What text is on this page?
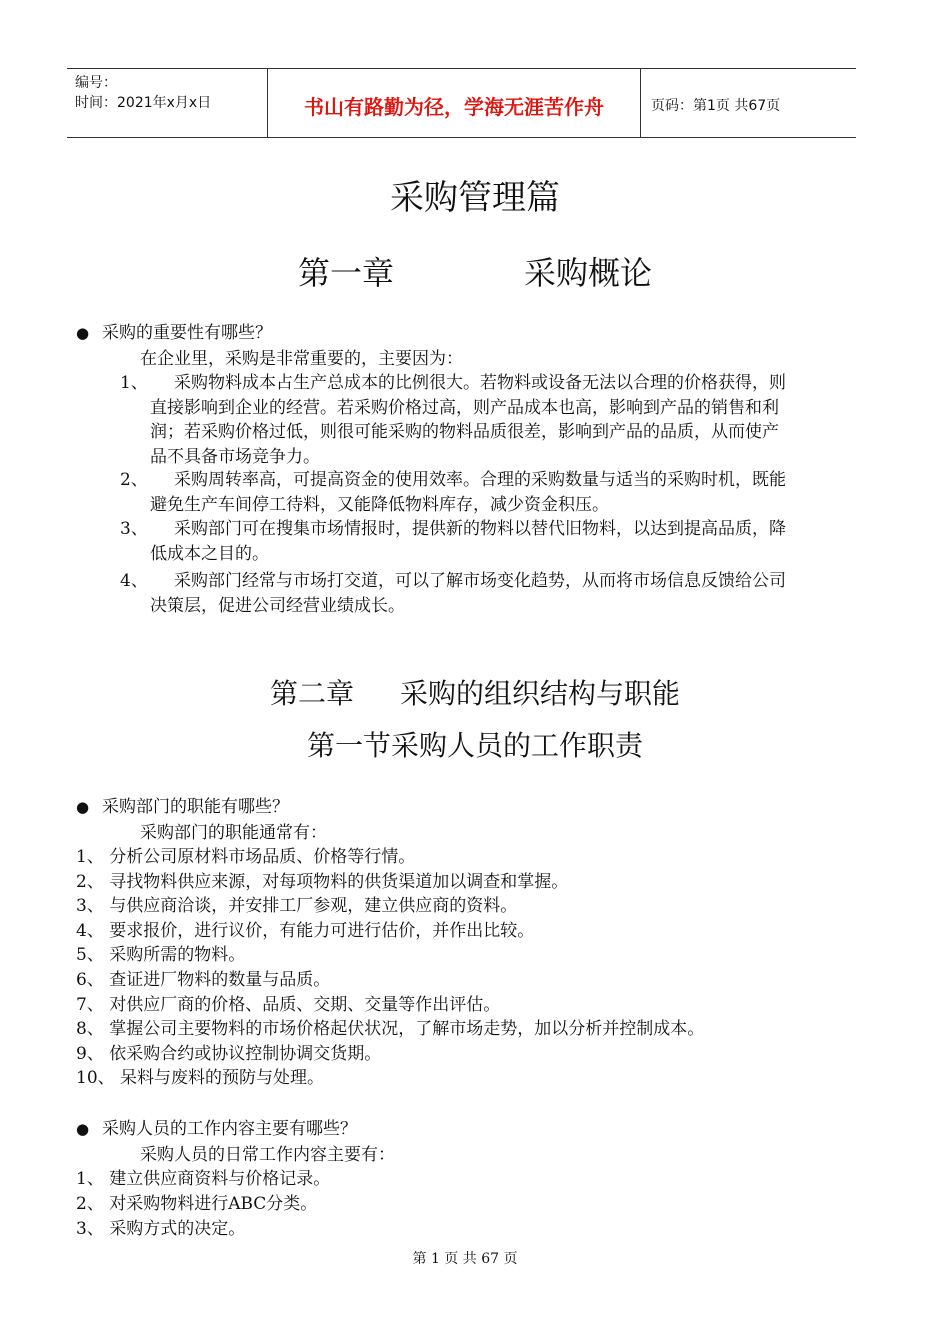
编号：
时间：2021年x月x日	书山有路勤为径，学海无涯苦作舟	页码：第1页 共67页
采购管理篇
第一章	采购概论
● 采购的重要性有哪些？
在企业里，采购是非常重要的，主要因为：
1、 采购物料成本占生产总成本的比例很大。若物料或设备无法以合理的价格获得，则
直接影响到企业的经营。若采购价格过高，则产品成本也高，影响到产品的销售和利
润；若采购价格过低，则很可能采购的物料品质很差，影响到产品的品质，从而使产
品不具备市场竞争力。
2、 采购周转率高，可提高资金的使用效率。合理的采购数量与适当的采购时机，既能
避免生产车间停工待料，又能降低物料库存，减少资金积压。
3、 采购部门可在搜集市场情报时，提供新的物料以替代旧物料，以达到提高品质，降
低成本之目的。
4、 采购部门经常与市场打交道，可以了解市场变化趋势，从而将市场信息反馈给公司
决策层，促进公司经营业绩成长。
第二章 采购的组织结构与职能
第一节采购人员的工作职责
● 采购部门的职能有哪些？
采购部门的职能通常有：
1、 分析公司原材料市场品质、价格等行情。
2、 寻找物料供应来源，对每项物料的供货渠道加以调查和掌握。
3、 与供应商洽谈，并安排工厂参观，建立供应商的资料。
4、 要求报价，进行议价，有能力可进行估价，并作出比较。
5、 采购所需的物料。
6、 查证进厂物料的数量与品质。
7、 对供应厂商的价格、品质、交期、交量等作出评估。
8、 掌握公司主要物料的市场价格起伏状况，了解市场走势，加以分析并控制成本。
9、 依采购合约或协议控制协调交货期。
10、 呆料与废料的预防与处理。
● 采购人员的工作内容主要有哪些？
采购人员的日常工作内容主要有：
1、 建立供应商资料与价格记录。
2、 对采购物料进行ABC分类。
3、 采购方式的决定。
第 1 页 共 67 页
